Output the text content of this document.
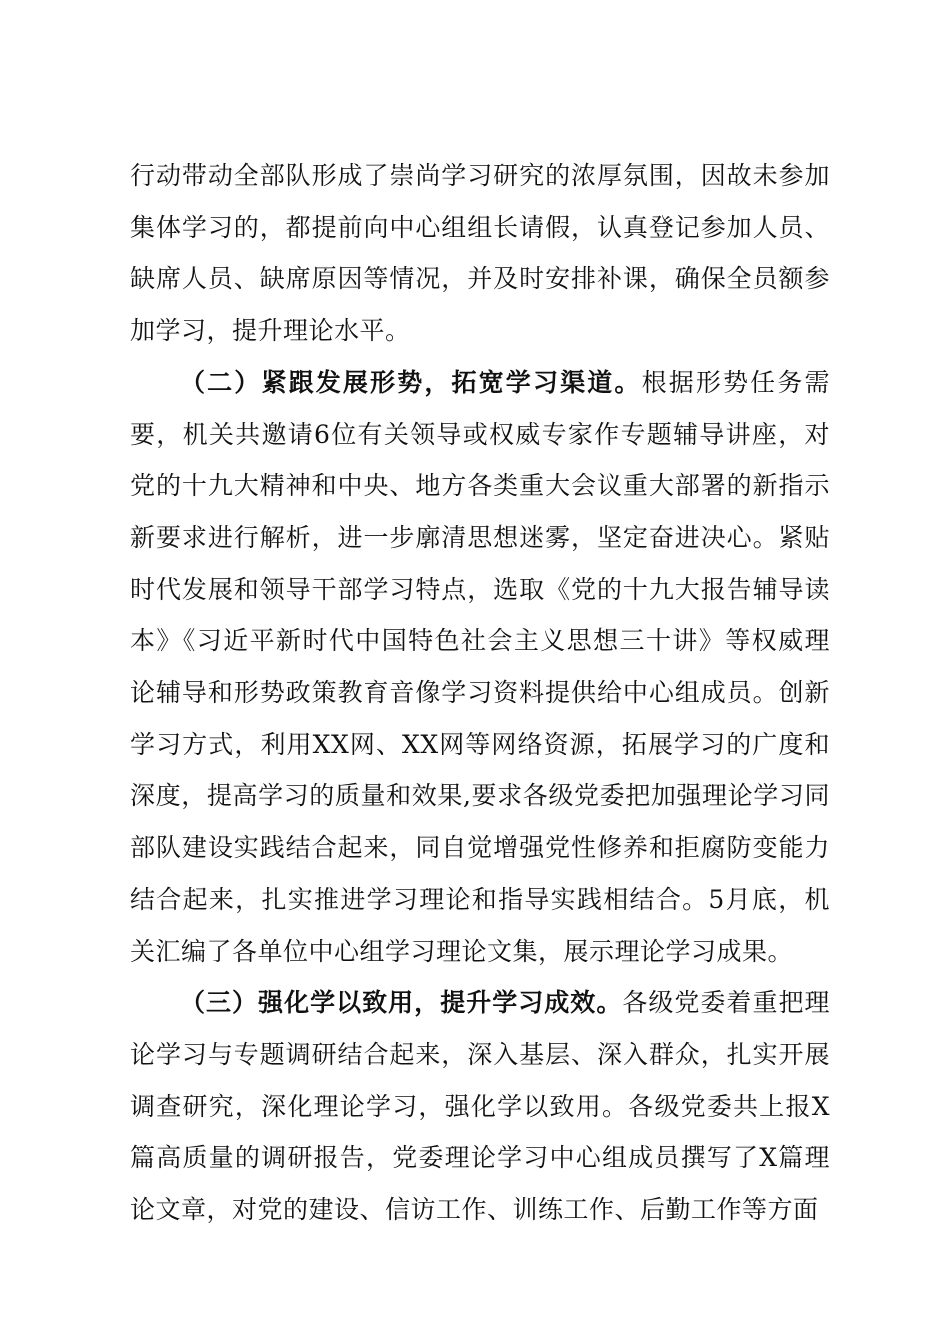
行动带动全部队形成了崇尚学习研究的浓厚氛围，因故未参加集体学习的，都提前向中心组组长请假，认真登记参加人员、缺席人员、缺席原因等情况，并及时安排补课，确保全员额参加学习，提升理论水平。

（二）紧跟发展形势，拓宽学习渠道。根据形势任务需要，机关共邀请6位有关领导或权威专家作专题辅导讲座，对党的十九大精神和中央、地方各类重大会议重大部署的新指示新要求进行解析，进一步廓清思想迷雾，坚定奋进决心。紧贴时代发展和领导干部学习特点，选取《党的十九大报告辅导读本》《习近平新时代中国特色社会主义思想三十讲》等权威理论辅导和形势政策教育音像学习资料提供给中心组成员。创新学习方式，利用XX网、XX网等网络资源，拓展学习的广度和深度，提高学习的质量和效果,要求各级党委把加强理论学习同部队建设实践结合起来，同自觉增强党性修养和拒腐防变能力结合起来，扎实推进学习理论和指导实践相结合。5月底，机关汇编了各单位中心组学习理论文集，展示理论学习成果。

（三）强化学以致用，提升学习成效。各级党委着重把理论学习与专题调研结合起来，深入基层、深入群众，扎实开展调查研究，深化理论学习，强化学以致用。各级党委共上报X篇高质量的调研报告，党委理论学习中心组成员撰写了X篇理论文章，对党的建设、信访工作、训练工作、后勤工作等方面
